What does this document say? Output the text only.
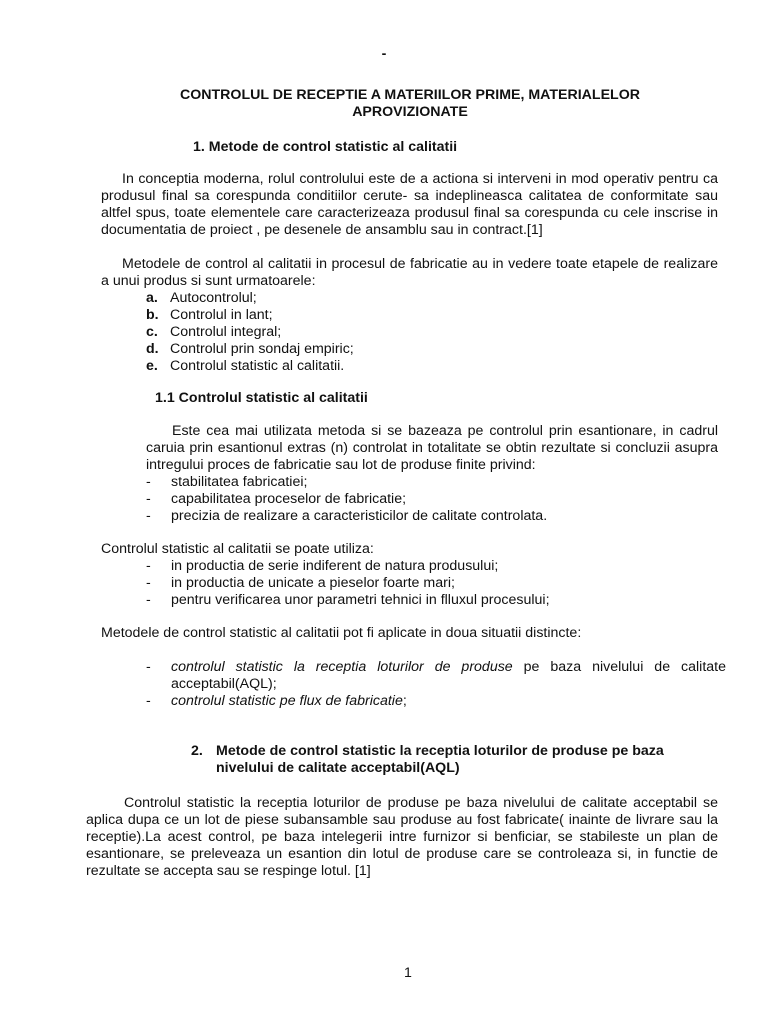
-
CONTROLUL DE RECEPTIE A MATERIILOR PRIME, MATERIALELOR
APROVIZIONATE
1. Metode de control statistic al calitatii
In conceptia moderna, rolul controlului este de a actiona si interveni in mod operativ pentru ca produsul final sa corespunda conditiilor cerute- sa indeplineasca calitatea de conformitate sau altfel spus, toate elementele care caracterizeaza produsul final sa corespunda cu cele inscrise in documentatia de proiect , pe desenele de ansamblu sau in contract.[1]
Metodele de control al calitatii in procesul de fabricatie au in vedere toate etapele de realizare a unui produs si sunt urmatoarele:
a. Autocontrolul;
b. Controlul in lant;
c. Controlul integral;
d. Controlul prin sondaj empiric;
e. Controlul statistic al calitatii.
1.1 Controlul statistic al calitatii
Este cea mai utilizata metoda si se bazeaza pe controlul prin esantionare, in cadrul caruia prin esantionul extras (n) controlat in totalitate se obtin rezultate si concluzii asupra intregului proces de fabricatie sau lot de produse finite privind:
- stabilitatea fabricatiei;
- capabilitatea proceselor de fabricatie;
- precizia de realizare a caracteristicilor de calitate controlata.
Controlul statistic al calitatii se poate utiliza:
- in productia de serie indiferent de natura produsului;
- in productia de unicate a pieselor foarte mari;
- pentru verificarea unor parametri tehnici in flluxul procesului;
Metodele de control statistic al calitatii pot fi aplicate in doua situatii distincte:
- controlul statistic la receptia loturilor de produse pe baza nivelului de calitate acceptabil(AQL);
- controlul statistic pe flux de fabricatie;
2. Metode de control statistic la receptia loturilor de produse pe baza
nivelului de calitate acceptabil(AQL)
Controlul statistic la receptia loturilor de produse pe baza nivelului de calitate acceptabil se aplica dupa ce un lot de piese subansamble sau produse au fost fabricate( inainte de livrare sau la receptie).La acest control, pe baza intelegerii intre furnizor si benficiar, se stabileste un plan de esantionare, se preleveaza un esantion din lotul de produse care se controleaza si, in functie de rezultate se accepta sau se respinge lotul. [1]
1
